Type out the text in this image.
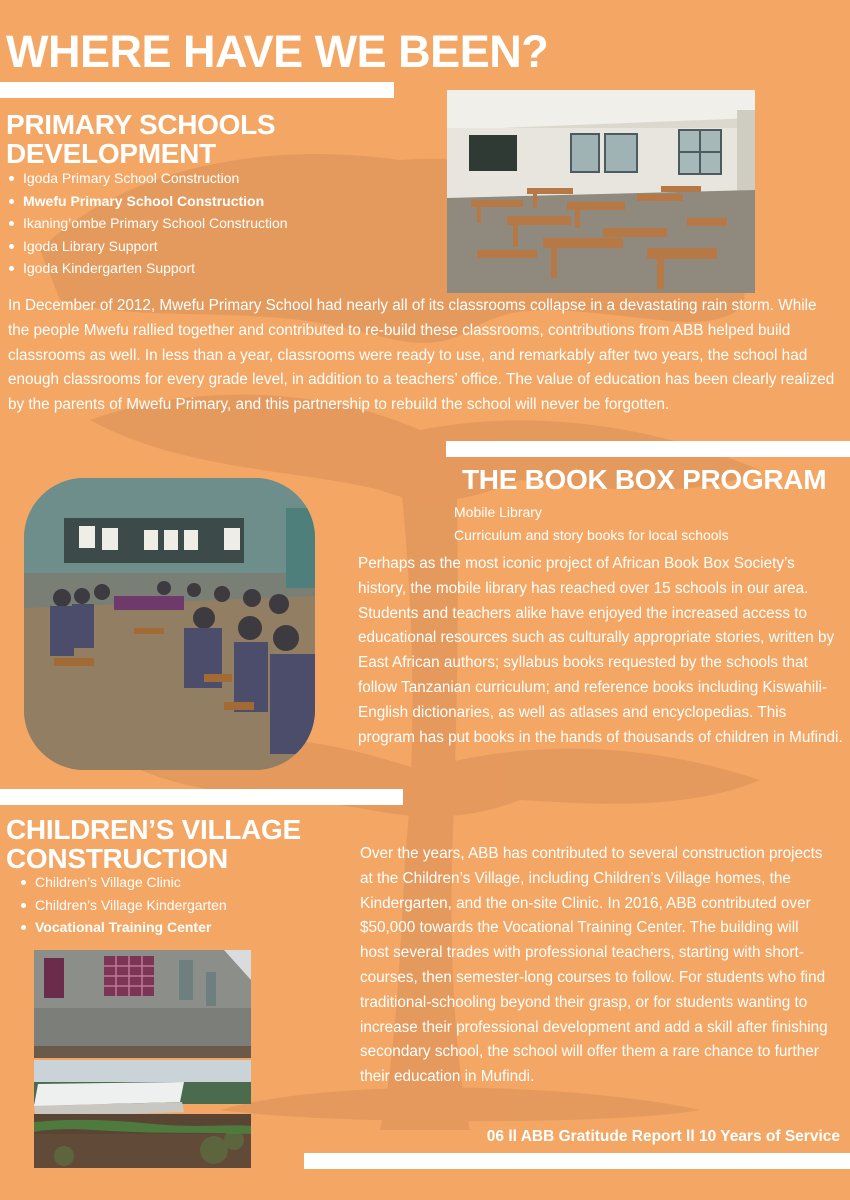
WHERE HAVE WE BEEN?
PRIMARY SCHOOLS
DEVELOPMENT
Igoda Primary School Construction
Mwefu Primary School Construction
Ikaning’ombe Primary School Construction
Igoda Library Support
Igoda Kindergarten Support

In December of 2012, Mwefu Primary School had nearly all of its classrooms collapse in a devastating rain storm. While the people Mwefu rallied together and contributed to re-build these classrooms, contributions from ABB helped build classrooms as well. In less than a year, classrooms were ready to use, and remarkably after two years, the school had enough classrooms for every grade level, in addition to a teachers’ office. The value of education has been clearly realized by the parents of Mwefu Primary, and this partnership to rebuild the school will never be forgotten.

THE BOOK BOX PROGRAM

Mobile Library

Curriculum and story books for local schools

Perhaps as the most iconic project of African Book Box Society’s history, the mobile library has reached over 15 schools in our area. Students and teachers alike have enjoyed the increased access to educational resources such as culturally appropriate stories, written by East African authors; syllabus books requested by the schools that follow Tanzanian curriculum; and reference books including Kiswahili-English dictionaries, as well as atlases and encyclopedias. This program has put books in the hands of thousands of children in Mufindi.

CHILDREN’S VILLAGE
CONSTRUCTION
Children’s Village Clinic
Children’s Village Kindergarten
Vocational Training Center

Over the years, ABB has contributed to several construction projects at the Children’s Village, including Children’s Village homes, the Kindergarten, and the on-site Clinic. In 2016, ABB contributed over $50,000 towards the Vocational Training Center. The building will host several trades with professional teachers, starting with short-courses, then semester-long courses to follow. For students who find traditional-schooling beyond their grasp, or for students wanting to increase their professional development and add a skill after finishing secondary school, the school will offer them a rare chance to further their education in Mufindi.

06 ll ABB Gratitude Report ll 10 Years of Service
